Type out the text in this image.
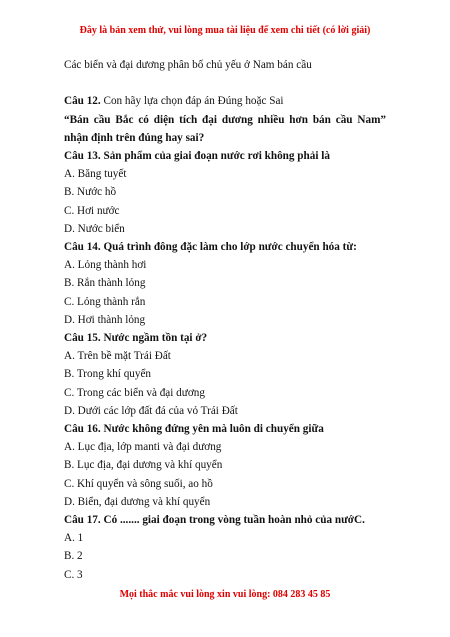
Đây là bản xem thử, vui lòng mua tài liệu để xem chi tiết (có lời giải)
Các biển và đại dương phân bố chủ yếu ở Nam bán cầu
Câu 12. Con hãy lựa chọn đáp án Đúng hoặc Sai
“Bán cầu Bắc có diện tích đại dương nhiều hơn bán cầu Nam” nhận định trên đúng hay sai?
Câu 13. Sản phẩm của giai đoạn nước rơi không phải là
A. Băng tuyết
B. Nước hồ
C. Hơi nước
D. Nước biển
Câu 14. Quá trình đông đặc làm cho lớp nước chuyển hóa từ:
A. Lỏng thành hơi
B. Rắn thành lỏng
C. Lỏng thành rắn
D. Hơi thành lỏng
Câu 15. Nước ngầm tồn tại ở?
A. Trên bề mặt Trái Đất
B. Trong khí quyển
C. Trong các biển và đại dương
D. Dưới các lớp đất đá của vỏ Trái Đất
Câu 16. Nước không đứng yên mà luôn di chuyển giữa
A. Lục địa, lớp manti và đại dương
B. Lục địa, đại dương và khí quyển
C. Khí quyển và sông suối, ao hồ
D. Biển, đại dương và khí quyển
Câu 17. Có ....... giai đoạn trong vòng tuần hoàn nhỏ của nướC.
A. 1
B. 2
C. 3
Mọi thắc mắc vui lòng xin vui lòng: 084 283 45 85
